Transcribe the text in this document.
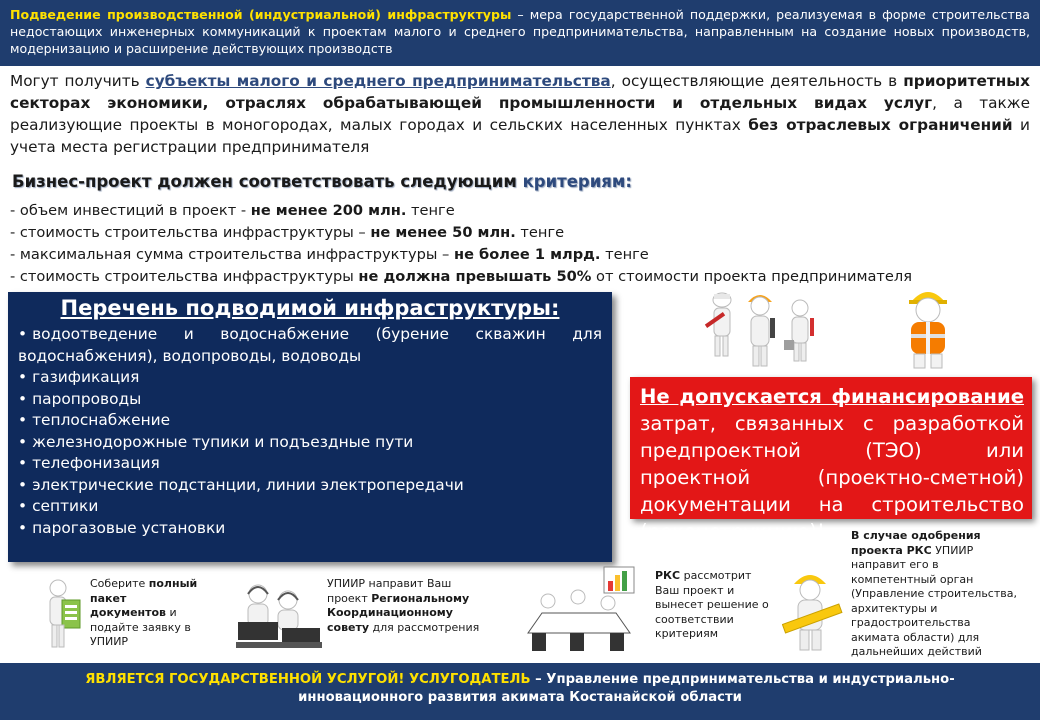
Подведение производственной (индустриальной) инфраструктуры – мера государственной поддержки, реализуемая в форме строительства недостающих инженерных коммуникаций к проектам малого и среднего предпринимательства, направленным на создание новых производств, модернизацию и расширение действующих производств
Могут получить субъекты малого и среднего предпринимательства, осуществляющие деятельность в приоритетных секторах экономики, отраслях обрабатывающей промышленности и отдельных видах услуг, а также реализующие проекты в моногородах, малых городах и сельских населенных пунктах без отраслевых ограничений и учета места регистрации предпринимателя
Бизнес-проект должен соответствовать следующим критериям:
- объем инвестиций в проект - не менее 200 млн. тенге
- стоимость строительства инфраструктуры – не менее 50 млн. тенге
- максимальная сумма строительства инфраструктуры – не более 1 млрд. тенге
- стоимость строительства инфраструктуры не должна превышать 50% от стоимости проекта предпринимателя
Перечень подводимой инфраструктуры:
• водоотведение и водоснабжение (бурение скважин для водоснабжения), водопроводы, водоводы
• газификация
• паропроводы
• теплоснабжение
• железнодорожные тупики и подъездные пути
• телефонизация
• электрические подстанции, линии электропередачи
• септики
• парогазовые установки
Не допускается финансирование затрат, связанных с разработкой предпроектной (ТЭО) или проектной (проектно-сметной) документации на строительство (реконструкцию)!
Соберите полный пакет документов и подайте заявку в УПИИР
УПИИР направит Ваш проект Региональному Координационному совету для рассмотрения
РКС рассмотрит Ваш проект и вынесет решение о соответствии критериям
В случае одобрения проекта РКС УПИИР направит его в компетентный орган (Управление строительства, архитектуры и градостроительства акимата области) для дальнейших действий
ЯВЛЯЕТСЯ ГОСУДАРСТВЕННОЙ УСЛУГОЙ! УСЛУГОДАТЕЛЬ – Управление предпринимательства и индустриально-инновационного развития акимата Костанайской области
